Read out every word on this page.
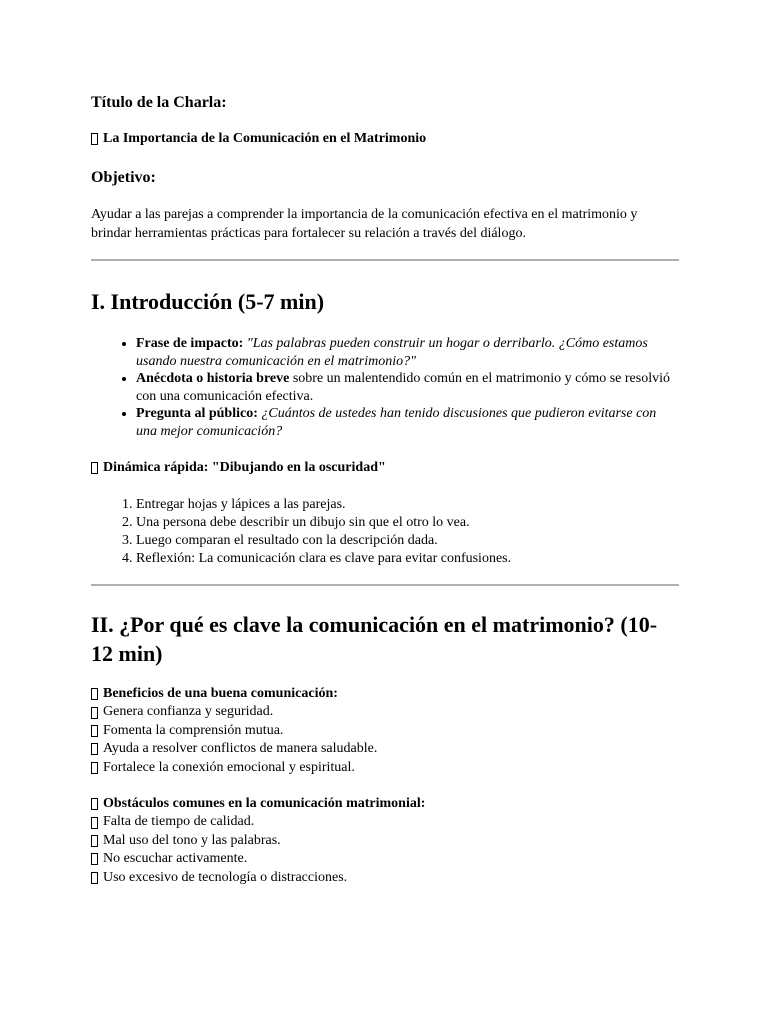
Título de la Charla:

La Importancia de la Comunicación en el Matrimonio

Objetivo:

Ayudar a las parejas a comprender la importancia de la comunicación efectiva en el matrimonio y brindar herramientas prácticas para fortalecer su relación a través del diálogo.

I. Introducción (5-7 min)
• Frase de impacto: "Las palabras pueden construir un hogar o derribarlo. ¿Cómo estamos usando nuestra comunicación en el matrimonio?"
• Anécdota o historia breve sobre un malentendido común en el matrimonio y cómo se resolvió con una comunicación efectiva.
• Pregunta al público: ¿Cuántos de ustedes han tenido discusiones que pudieron evitarse con una mejor comunicación?

Dinámica rápida: "Dibujando en la oscuridad"

1. Entregar hojas y lápices a las parejas.
2. Una persona debe describir un dibujo sin que el otro lo vea.
3. Luego comparan el resultado con la descripción dada.
4. Reflexión: La comunicación clara es clave para evitar confusiones.
II. ¿Por qué es clave la comunicación en el matrimonio? (10-12 min)
Beneficios de una buena comunicación:
Genera confianza y seguridad.
Fomenta la comprensión mutua.
Ayuda a resolver conflictos de manera saludable.
Fortalece la conexión emocional y espiritual.
Obstáculos comunes en la comunicación matrimonial:
Falta de tiempo de calidad.
Mal uso del tono y las palabras.
No escuchar activamente.
Uso excesivo de tecnología o distracciones.
